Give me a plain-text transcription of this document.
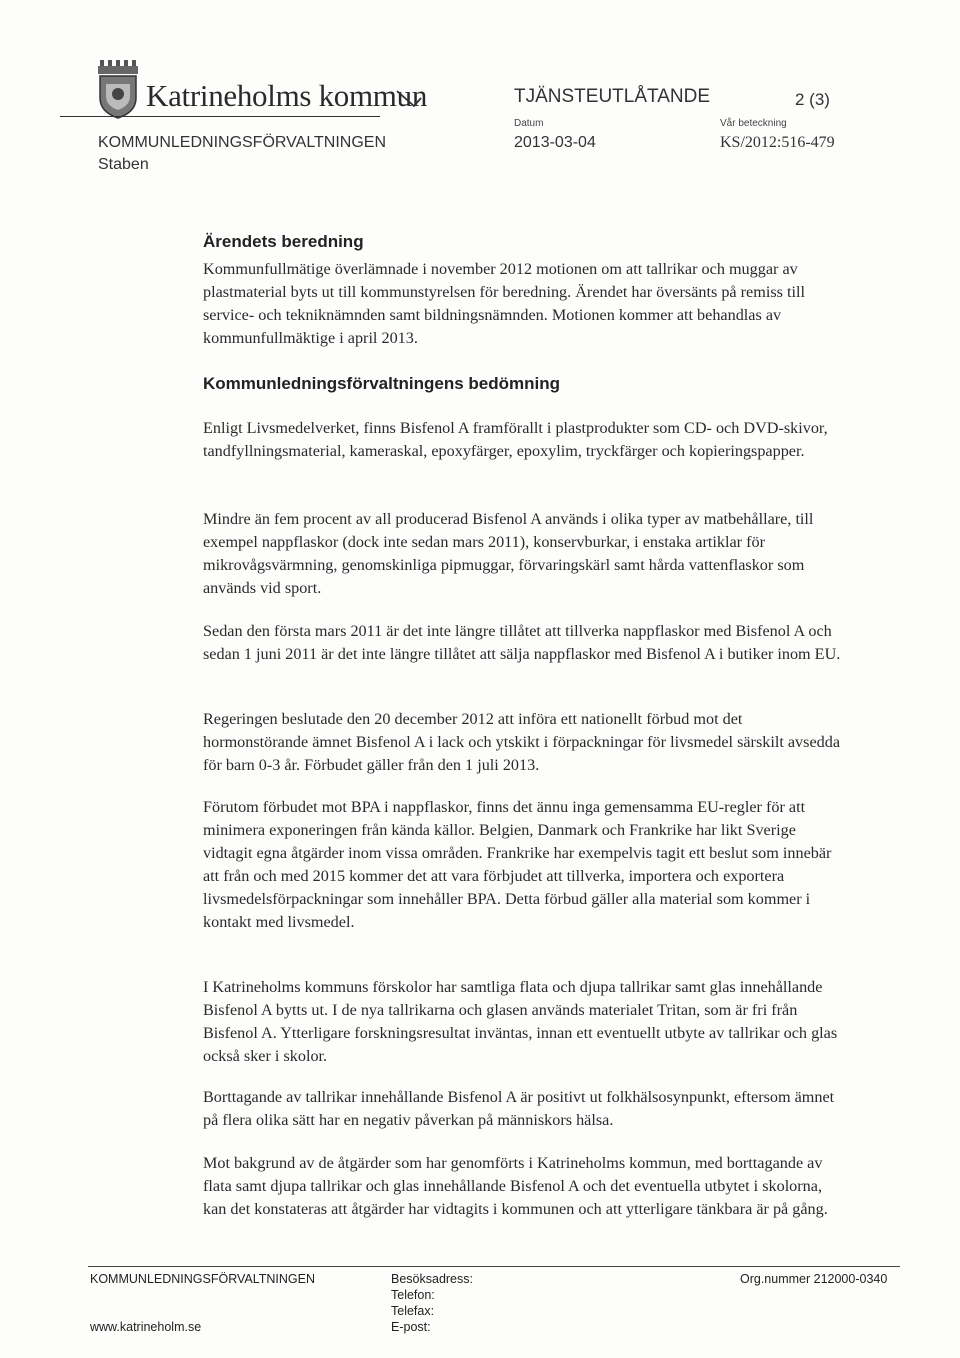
Katrineholms kommun	TJÄNSTEUTLÅTANDE	2 (3)
KOMMUNLEDNINGSFÖRVALTNINGEN
Staben
Datum
2013-03-04
Vår beteckning
KS/2012:516-479
Ärendets beredning
Kommunfullmätige överlämnade i november 2012 motionen om att tallrikar och muggar av plastmaterial byts ut till kommunstyrelsen för beredning. Ärendet har översänts på remiss till service- och tekniknämnden samt bildningsnämnden. Motionen kommer att behandlas av kommunfullmäktige i april 2013.
Kommunledningsförvaltningens bedömning
Enligt Livsmedelverket, finns Bisfenol A framförallt i plastprodukter som CD- och DVD-skivor, tandfyllningsmaterial, kameraskal, epoxyfärger, epoxylim, tryckfärger och kopieringspapper.
Mindre än fem procent av all producerad Bisfenol A används i olika typer av matbehållare, till exempel nappflaskor (dock inte sedan mars 2011), konservburkar, i enstaka artiklar för mikrovågsvärmning, genomskinliga pipmuggar, förvaringskärl samt hårda vattenflaskor som används vid sport.
Sedan den första mars 2011 är det inte längre tillåtet att tillverka nappflaskor med Bisfenol A och sedan 1 juni 2011 är det inte längre tillåtet att sälja nappflaskor med Bisfenol A i butiker inom EU.
Regeringen beslutade den 20 december 2012 att införa ett nationellt förbud mot det hormonstörande ämnet Bisfenol A i lack och ytskikt i förpackningar för livsmedel särskilt avsedda för barn 0-3 år. Förbudet gäller från den 1 juli 2013.
Förutom förbudet mot BPA i nappflaskor, finns det ännu inga gemensamma EU-regler för att minimera exponeringen från kända källor. Belgien, Danmark och Frankrike har likt Sverige vidtagit egna åtgärder inom vissa områden. Frankrike har exempelvis tagit ett beslut som innebär att från och med 2015 kommer det att vara förbjudet att tillverka, importera och exportera livsmedelsförpackningar som innehåller BPA. Detta förbud gäller alla material som kommer i kontakt med livsmedel.
I Katrineholms kommuns förskolor har samtliga flata och djupa tallrikar samt glas innehållande Bisfenol A bytts ut. I de nya tallrikarna och glasen används materialet Tritan, som är fri från Bisfenol A. Ytterligare forskningsresultat inväntas, innan ett eventuellt utbyte av tallrikar och glas också sker i skolor.
Borttagande av tallrikar innehållande Bisfenol A är positivt ut folkhälsosynpunkt, eftersom ämnet på flera olika sätt har en negativ påverkan på människors hälsa.
Mot bakgrund av de åtgärder som har genomförts i Katrineholms kommun, med borttagande av flata samt djupa tallrikar och glas innehållande Bisfenol A och det eventuella utbytet i skolorna, kan det konstateras att åtgärder har vidtagits i kommunen och att ytterligare tänkbara är på gång.
KOMMUNLEDNINGSFÖRVALTNINGEN
www.katrineholm.se
Besöksadress:
Telefon:
Telefax:
E-post:
Org.nummer 212000-0340
